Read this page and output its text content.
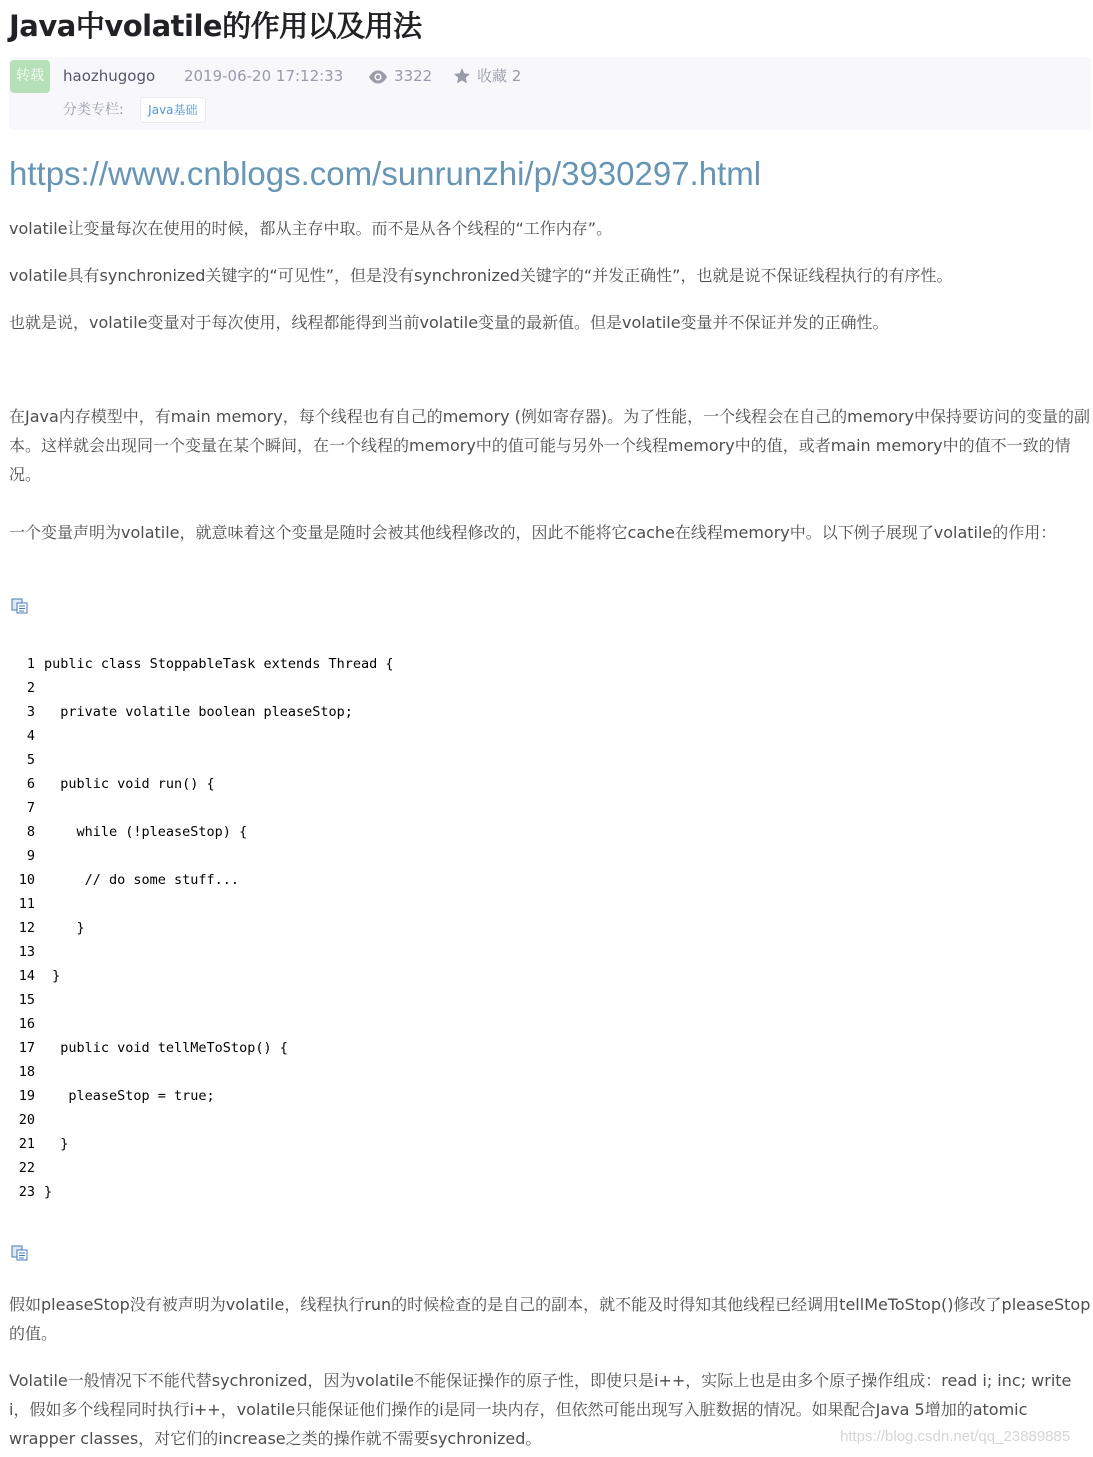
Java中volatile的作用以及用法
转载	haozhugogo 2019-06-20 17:12:33	3322	收藏 2
分类专栏: Java基础
https://www.cnblogs.com/sunrunzhi/p/3930297.html

volatile让变量每次在使用的时候，都从主存中取。而不是从各个线程的“工作内存”。

volatile具有synchronized关键字的“可见性”，但是没有synchronized关键字的“并发正确性”，也就是说不保证线程执行的有序性。

也就是说，volatile变量对于每次使用，线程都能得到当前volatile变量的最新值。但是volatile变量并不保证并发的正确性。

在Java内存模型中，有main memory，每个线程也有自己的memory (例如寄存器)。为了性能，一个线程会在自己的memory中保持要访问的变量的副本。这样就会出现同一个变量在某个瞬间，在一个线程的memory中的值可能与另外一个线程memory中的值，或者main memory中的值不一致的情况。

一个变量声明为volatile，就意味着这个变量是随时会被其他线程修改的，因此不能将它cache在线程memory中。以下例子展现了volatile的作用：

1 public class StoppableTask extends Thread {
2
3  private volatile boolean pleaseStop;
4
5
6  public void run() {
7
8    while (!pleaseStop) {
9
10     // do some stuff...
11
12    }
13
14 }
15
16
17  public void tellMeToStop() {
18
19   pleaseStop = true;
20
21  }
22
23 }

假如pleaseStop没有被声明为volatile，线程执行run的时候检查的是自己的副本，就不能及时得知其他线程已经调用tellMeToStop()修改了pleaseStop的值。

Volatile一般情况下不能代替sychronized，因为volatile不能保证操作的原子性，即使只是i++，实际上也是由多个原子操作组成：read i; inc; write i，假如多个线程同时执行i++，volatile只能保证他们操作的i是同一块内存，但依然可能出现写入脏数据的情况。如果配合Java 5增加的atomic wrapper classes，对它们的increase之类的操作就不需要sychronized。	https://blog.csdn.net/qq_23889885
